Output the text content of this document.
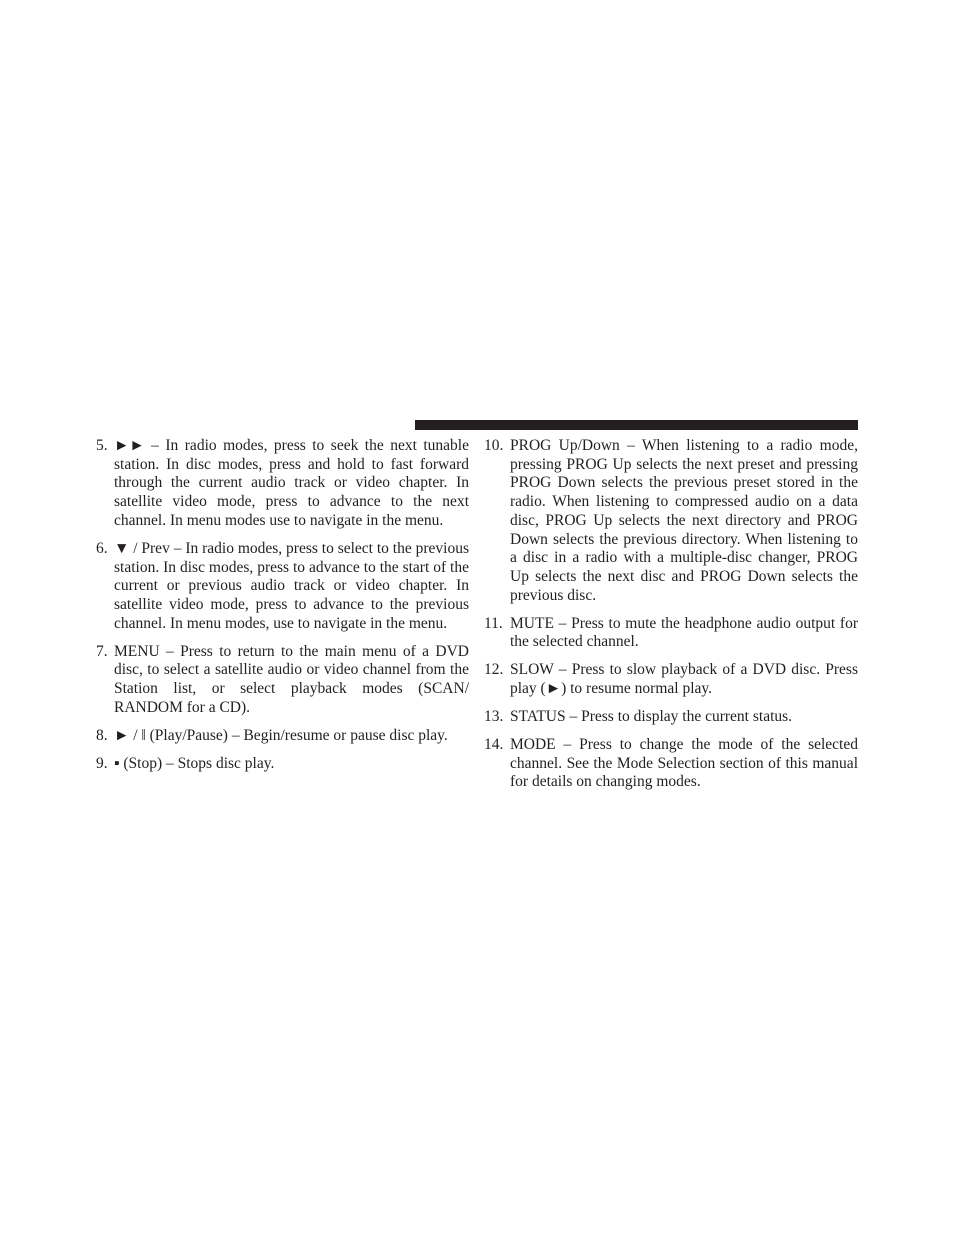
5. ►► – In radio modes, press to seek the next tunable station. In disc modes, press and hold to fast forward through the current audio track or video chapter. In satellite video mode, press to advance to the next channel. In menu modes use to navigate in the menu.
6. ▼ / Prev – In radio modes, press to select to the previous station. In disc modes, press to advance to the start of the current or previous audio track or video chapter. In satellite video mode, press to advance to the previous channel. In menu modes, use to navigate in the menu.
7. MENU – Press to return to the main menu of a DVD disc, to select a satellite audio or video channel from the Station list, or select playback modes (SCAN/ RANDOM for a CD).
8. ► / ‖ (Play/Pause) – Begin/resume or pause disc play.
9. ▪ (Stop) – Stops disc play.
10. PROG Up/Down – When listening to a radio mode, pressing PROG Up selects the next preset and pressing PROG Down selects the previous preset stored in the radio. When listening to compressed audio on a data disc, PROG Up selects the next directory and PROG Down selects the previous directory. When listening to a disc in a radio with a multiple-disc changer, PROG Up selects the next disc and PROG Down selects the previous disc.
11. MUTE – Press to mute the headphone audio output for the selected channel.
12. SLOW – Press to slow playback of a DVD disc. Press play (►) to resume normal play.
13. STATUS – Press to display the current status.
14. MODE – Press to change the mode of the selected channel. See the Mode Selection section of this manual for details on changing modes.
